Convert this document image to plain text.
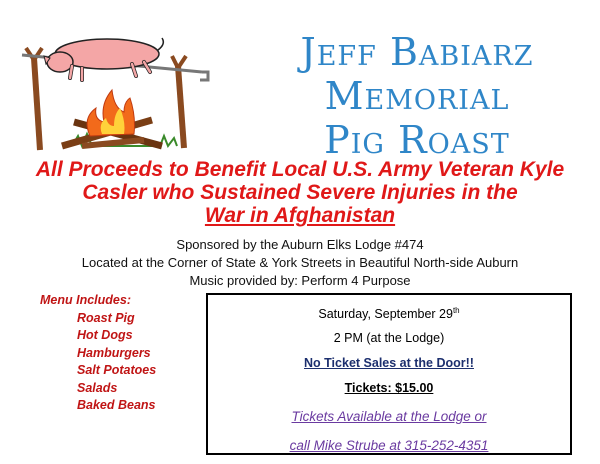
Jeff Babiarz
Memorial
Pig Roast
All Proceeds to Benefit Local U.S. Army Veteran Kyle
Casler who Sustained Severe Injuries in the
War in Afghanistan
Sponsored by the Auburn Elks Lodge #474
Located at the Corner of State & York Streets in Beautiful North-side Auburn
Music provided by: Perform 4 Purpose
Menu Includes:
Roast Pig
Hot Dogs
Hamburgers
Salt Potatoes
Salads
Baked Beans
Saturday, September 29th
2 PM (at the Lodge)
No Ticket Sales at the Door!!
Tickets: $15.00
Tickets Available at the Lodge or
call Mike Strube at 315-252-4351
